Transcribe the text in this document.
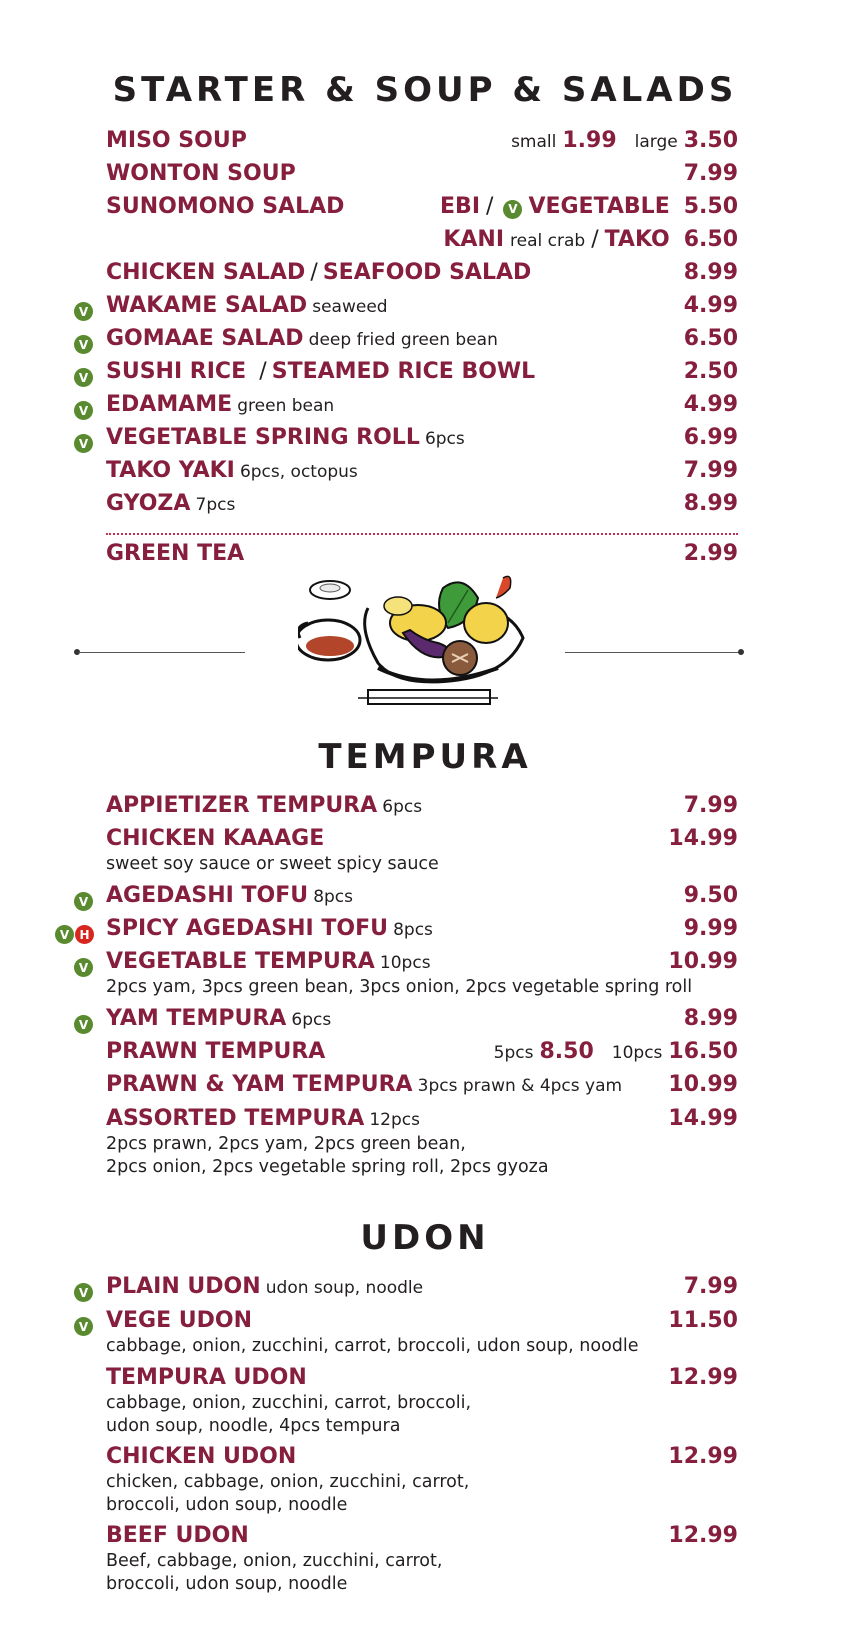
STARTER & SOUP & SALADS
MISO SOUP	small 1.99 large 3.50
WONTON SOUP	7.99
SUNOMONO SALAD	EBI /	V VEGETABLE 5.50
KANI real crab / TAKO 6.50
CHICKEN SALAD / SEAFOOD SALAD	8.99
V WAKAME SALAD seaweed	4.99
V GOMAAE SALAD deep fried green bean	6.50
V SUSHI RICE / STEAMED RICE BOWL	2.50
V EDAMAME green bean	4.99
V VEGETABLE SPRING ROLL 6pcs	6.99
TAKO YAKI 6pcs, octopus	7.99
GYOZA 7pcs	8.99
GREEN TEA	2.99
TEMPURA
APPIETIZER TEMPURA 6pcs	7.99
CHICKEN KAAAGE	14.99
sweet soy sauce or sweet spicy sauce
V AGEDASHI TOFU 8pcs	9.50
V H SPICY AGEDASHI TOFU 8pcs	9.99
V VEGETABLE TEMPURA 10pcs	10.99
2pcs yam, 3pcs green bean, 3pcs onion, 2pcs vegetable spring roll
V YAM TEMPURA 6pcs	8.99
PRAWN TEMPURA	5pcs 8.50 10pcs 16.50
PRAWN & YAM TEMPURA 3pcs prawn & 4pcs yam 10.99
ASSORTED TEMPURA 12pcs	14.99
2pcs prawn, 2pcs yam, 2pcs green bean,
2pcs onion, 2pcs vegetable spring roll, 2pcs gyoza
UDON
V PLAIN UDON udon soup, noodle	7.99
V VEGE UDON	11.50
cabbage, onion, zucchini, carrot, broccoli, udon soup, noodle
TEMPURA UDON	12.99
cabbage, onion, zucchini, carrot, broccoli,
udon soup, noodle, 4pcs tempura
CHICKEN UDON	12.99
chicken, cabbage, onion, zucchini, carrot,
broccoli, udon soup, noodle
BEEF UDON	12.99
Beef, cabbage, onion, zucchini, carrot,
broccoli, udon soup, noodle
